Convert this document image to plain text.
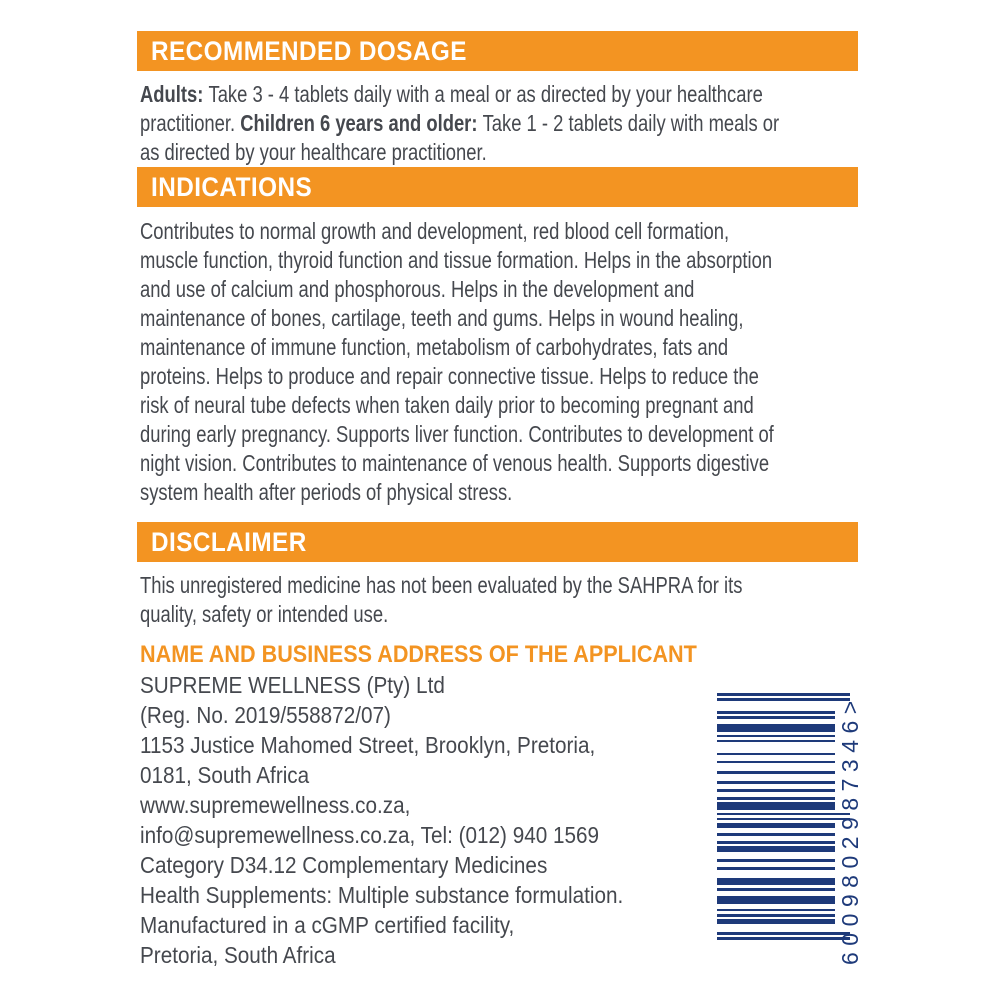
RECOMMENDED DOSAGE
Adults: Take 3 - 4 tablets daily with a meal or as directed by your healthcare
practitioner. Children 6 years and older: Take 1 - 2 tablets daily with meals or
as directed by your healthcare practitioner.
INDICATIONS
Contributes to normal growth and development, red blood cell formation,
muscle function, thyroid function and tissue formation. Helps in the absorption
and use of calcium and phosphorous. Helps in the development and
maintenance of bones, cartilage, teeth and gums. Helps in wound healing,
maintenance of immune function, metabolism of carbohydrates, fats and
proteins. Helps to produce and repair connective tissue. Helps to reduce the
risk of neural tube defects when taken daily prior to becoming pregnant and
during early pregnancy. Supports liver function. Contributes to development of
night vision. Contributes to maintenance of venous health. Supports digestive
system health after periods of physical stress.
DISCLAIMER
This unregistered medicine has not been evaluated by the SAHPRA for its
quality, safety or intended use.
NAME AND BUSINESS ADDRESS OF THE APPLICANT
SUPREME WELLNESS (Pty) Ltd
(Reg. No. 2019/558872/07)
1153 Justice Mahomed Street, Brooklyn, Pretoria,
0181, South Africa
www.supremewellness.co.za,
info@supremewellness.co.za, Tel: (012) 940 1569
Category D34.12 Complementary Medicines
Health Supplements: Multiple substance formulation.
Manufactured in a cGMP certified facility,
Pretoria, South Africa	6009802987346>
